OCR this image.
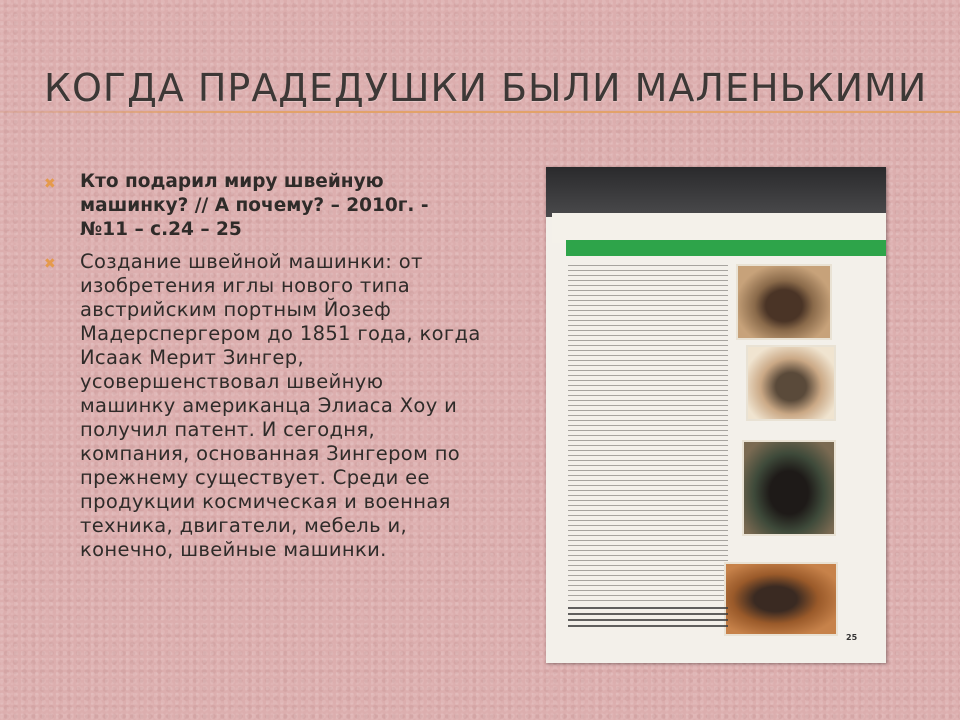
КОГДА ПРАДЕДУШКИ БЫЛИ МАЛЕНЬКИМИ
✖	Кто подарил миру швейную машинку? // А почему? – 2010г. - №11 – с.24 – 25
✖	Создание швейной машинки: от изобретения иглы нового типа австрийским портным Йозеф Мадерспергером до 1851 года, когда Исаак Мерит Зингер, усовершенствовал швейную машинку американца Элиаса Хоу и получил патент. И сегодня, компания, основанная Зингером по прежнему существует. Среди ее продукции космическая и военная техника, двигатели, мебель и, конечно, швейные машинки.
25
